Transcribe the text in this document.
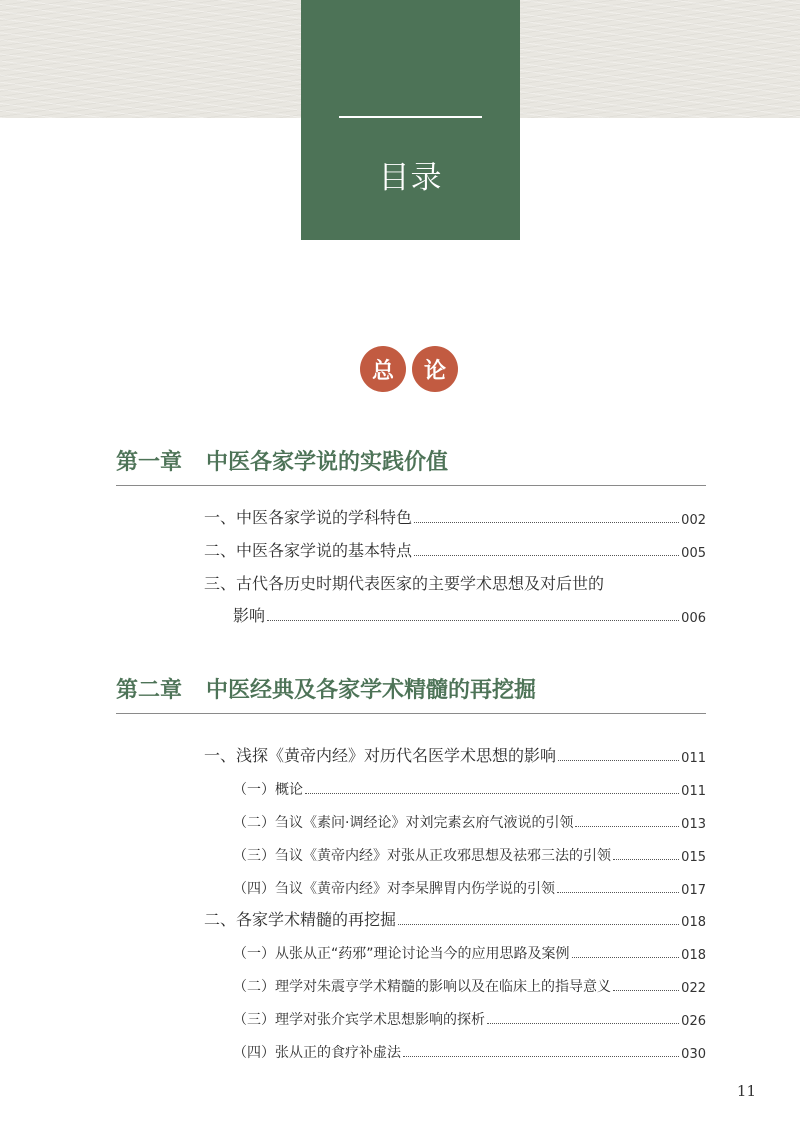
目录
总	论
第一章	中医各家学说的实践价值
一、中医各家学说的学科特色	002
二、中医各家学说的基本特点	005
三、古代各历史时期代表医家的主要学术思想及对后世的
影响	006
第二章	中医经典及各家学术精髓的再挖掘
一、浅探《黄帝内经》对历代名医学术思想的影响	011
（一）概论	011
（二）刍议《素问·调经论》对刘完素玄府气液说的引领	013
（三）刍议《黄帝内经》对张从正攻邪思想及祛邪三法的引领	015
（四）刍议《黄帝内经》对李杲脾胃内伤学说的引领	017
二、各家学术精髓的再挖掘	018
（一）从张从正“药邪”理论讨论当今的应用思路及案例	018
（二）理学对朱震亨学术精髓的影响以及在临床上的指导意义	022
（三）理学对张介宾学术思想影响的探析	026
（四）张从正的食疗补虚法	030
11
